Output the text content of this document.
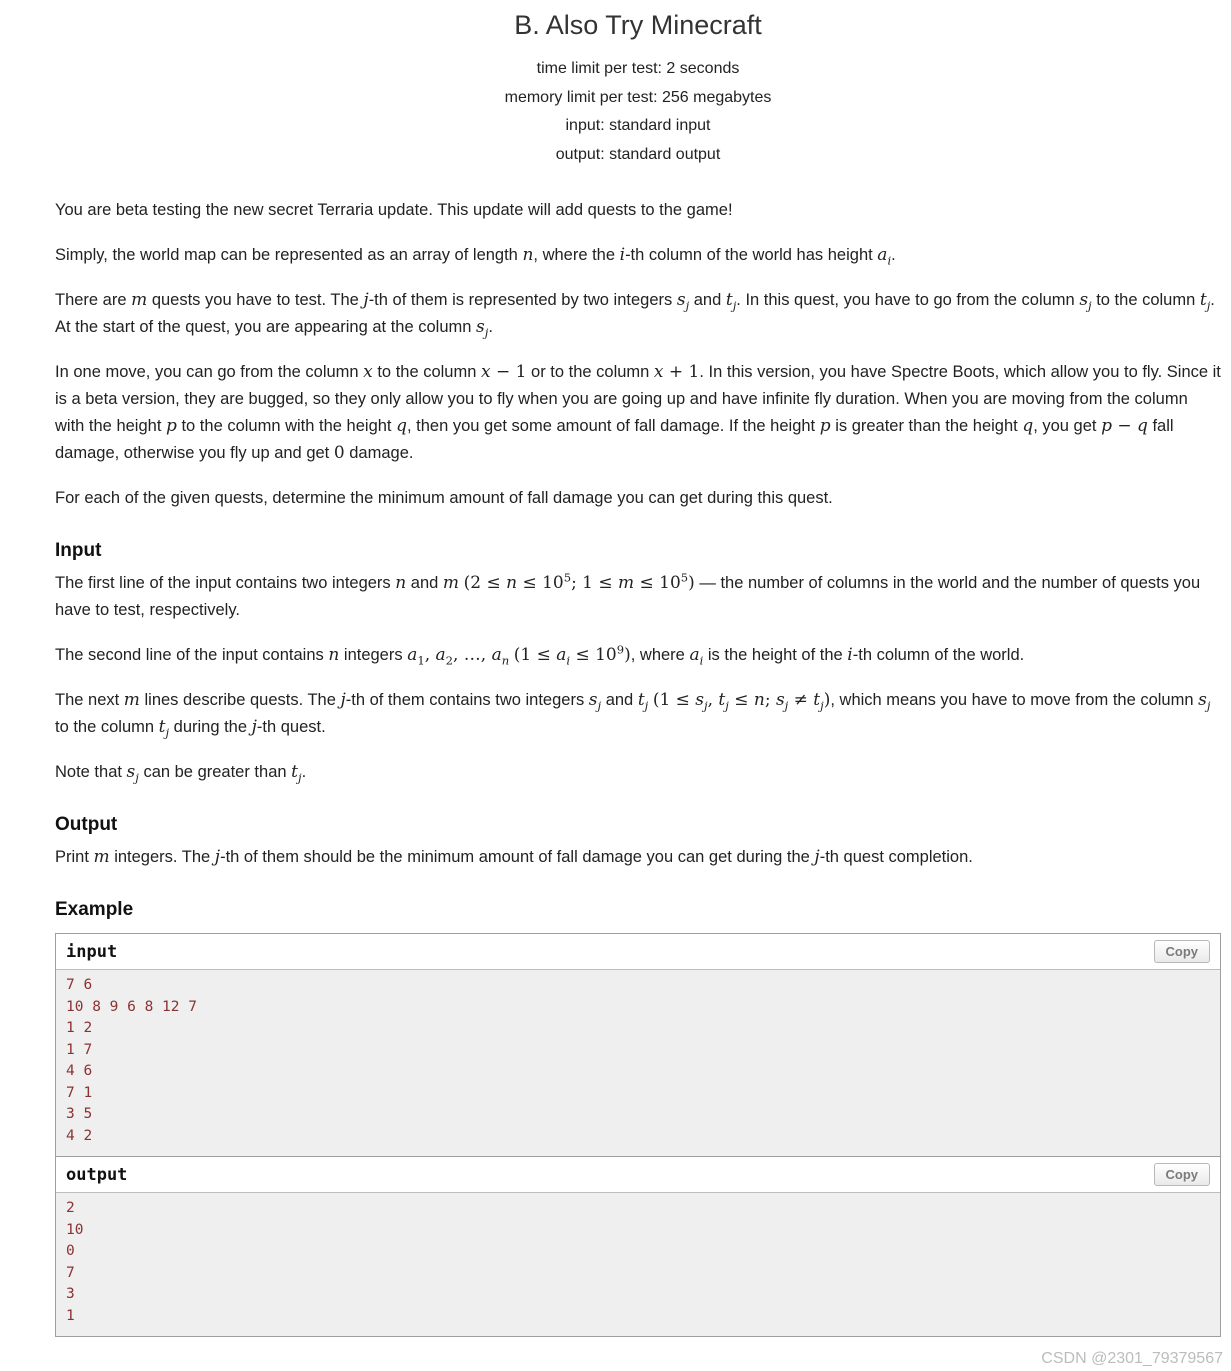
B. Also Try Minecraft
time limit per test: 2 seconds
memory limit per test: 256 megabytes
input: standard input
output: standard output

You are beta testing the new secret Terraria update. This update will add quests to the game!

Simply, the world map can be represented as an array of length n, where the i-th column of the world has height $a_i$.

There are m quests you have to test. The j-th of them is represented by two integers $s_j$ and $t_j$. In this quest, you have to go from the column $s_j$ to the column $t_j$. At the start of the quest, you are appearing at the column $s_j$.

In one move, you can go from the column x to the column x − 1 or to the column x + 1. In this version, you have Spectre Boots, which allow you to fly. Since it is a beta version, they are bugged, so they only allow you to fly when you are going up and have infinite fly duration. When you are moving from the column with the height p to the column with the height q, then you get some amount of fall damage. If the height p is greater than the height q, you get p − q fall damage, otherwise you fly up and get 0 damage.

For each of the given quests, determine the minimum amount of fall damage you can get during this quest.

Input

The first line of the input contains two integers n and m ($2 \le n \le 10^5$; $1 \le m \le 10^5$) — the number of columns in the world and the number of quests you have to test, respectively.

The second line of the input contains n integers $a_1$, $a_2$, …, $a_n$ $(1 \le a_i \le 10^9)$, where $a_i$ is the height of the i-th column of the world.

The next m lines describe quests. The j-th of them contains two integers $s_j$ and $t_j$ ($1 \le s_j$, $t_j \le n$; $s_j \ne t_j$), which means you have to move from the column $s_j$ to the column $t_j$ during the j-th quest.

Note that $s_j$ can be greater than $t_j$.

Output

Print m integers. The j-th of them should be the minimum amount of fall damage you can get during the j-th quest completion.

Example
input	Copy
7 6
10 8 9 6 8 12 7
1 2
1 7
4 6
7 1
3 5
4 2
output	Copy
2
10
0
7
3
1
CSDN @2301_79379567
